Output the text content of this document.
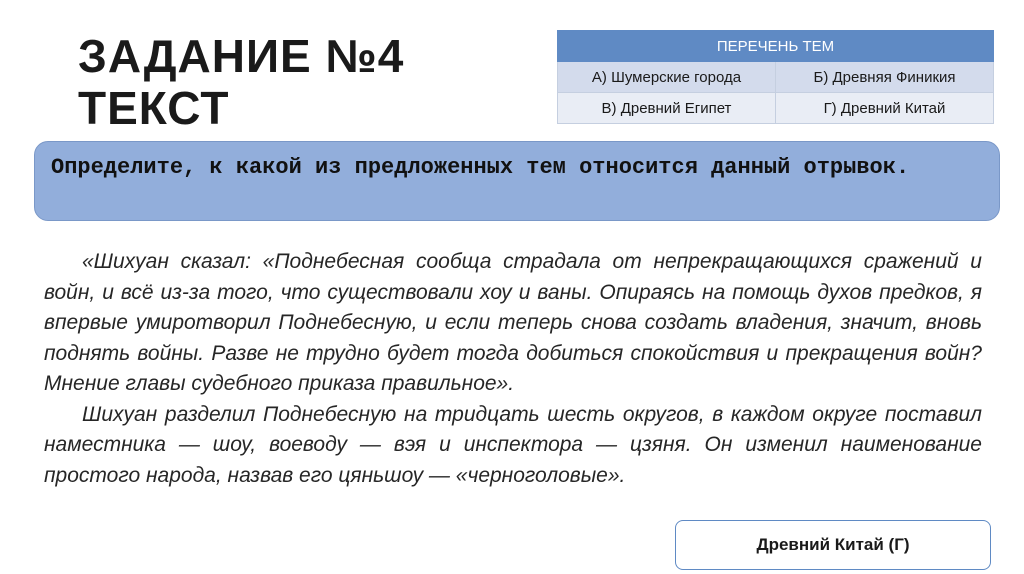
ЗАДАНИЕ №4
ТЕКСТ
ПЕРЕЧЕНЬ ТЕМ	
А) Шумерские города	Б) Древняя Финикия
В) Древний Египет	Г) Древний Китай
Определите, к какой из предложенных тем относится данный отрывок.

«Шихуан сказал: «Поднебесная сообща страдала от непрекращающихся сражений и войн, и всё из-за того, что существовали хоу и ваны. Опираясь на помощь духов предков, я впервые умиротворил Поднебесную, и если теперь снова создать владения, значит, вновь поднять войны. Разве не трудно будет тогда добиться спокойствия и прекращения войн? Мнение главы судебного приказа правильное».

Шихуан разделил Поднебесную на тридцать шесть округов, в каждом округе поставил наместника — шоу, воеводу — вэя и инспектора — цзяня. Он изменил наименование простого народа, назвав его цяньшоу — «черноголовые».

Древний Китай (Г)
